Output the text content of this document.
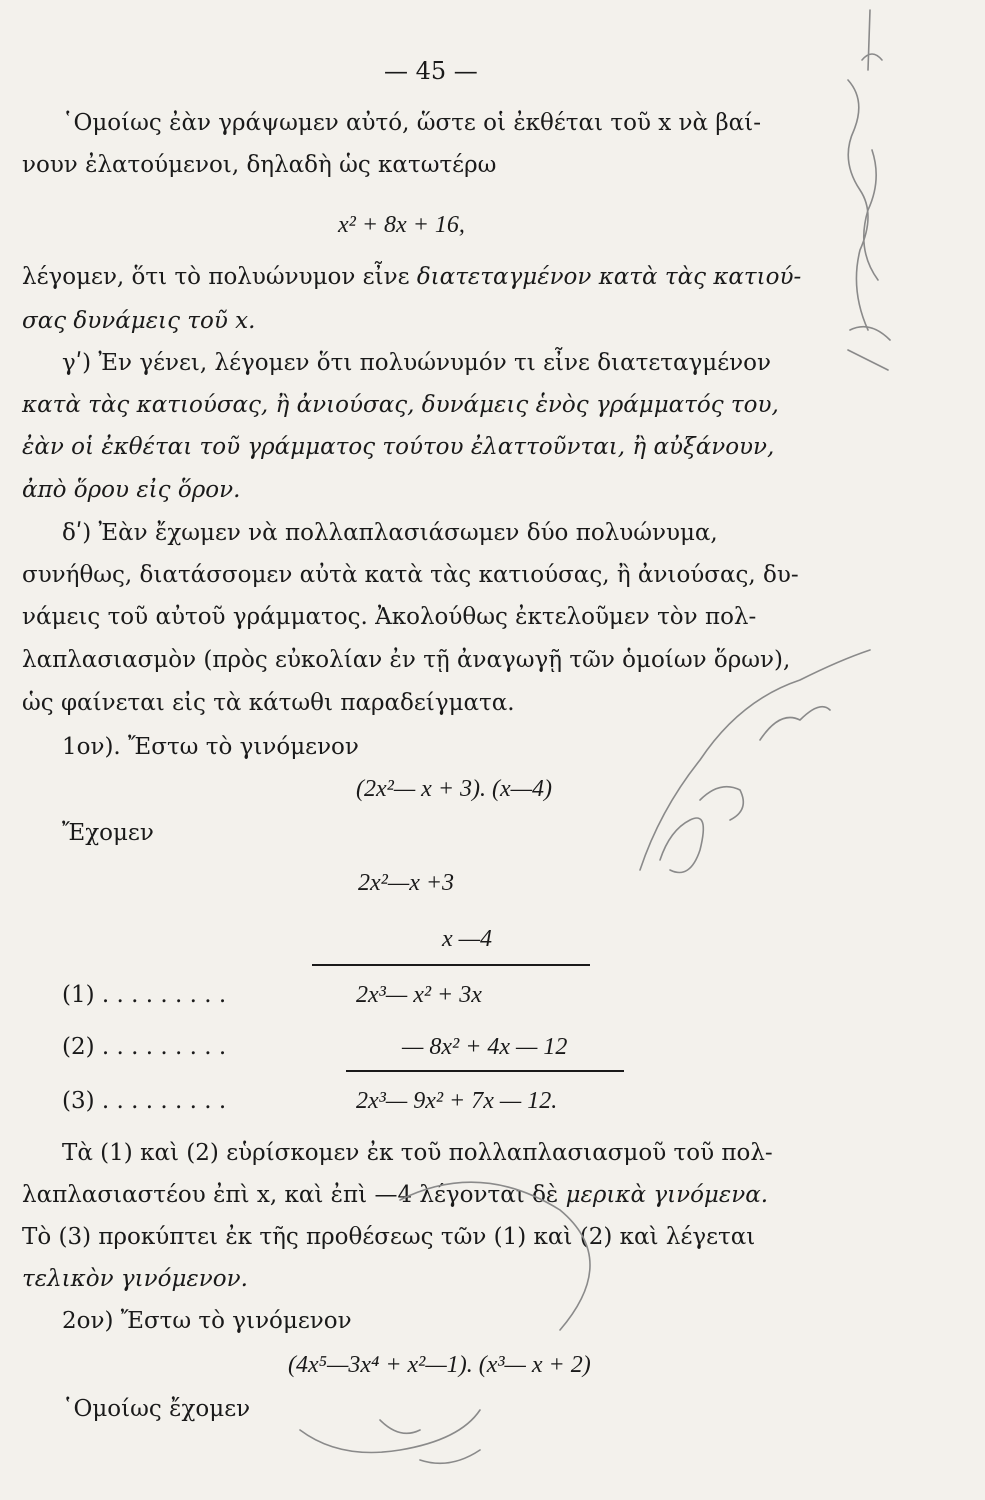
— 45 —
῾Ομοίως ἐὰν γράψωμεν αὐτό, ὥστε οἱ ἐκθέται τοῦ x νὰ βαί-
νουν ἐλατούμενοι, δηλαδὴ ὡς κατωτέρω
x² + 8x + 16,
λέγομεν, ὅτι τὸ πολυώνυμον εἶνε διατεταγμένον κατὰ τὰς κατιού-
σας δυνάμεις τοῦ x.
γʹ) Ἐν γένει, λέγομεν ὅτι πολυώνυμόν τι εἶνε διατεταγμένον
κατὰ τὰς κατιούσας, ἢ ἀνιούσας, δυνάμεις ἑνὸς γράμματός του,
ἐὰν οἱ ἐκθέται τοῦ γράμματος τούτου ἐλαττοῦνται, ἢ αὐξάνουν,
ἀπὸ ὅρου εἰς ὅρον.
δʹ) Ἐὰν ἔχωμεν νὰ πολλαπλασιάσωμεν δύο πολυώνυμα,
συνήθως, διατάσσομεν αὐτὰ κατὰ τὰς κατιούσας, ἢ ἀνιούσας, δυ-
νάμεις τοῦ αὐτοῦ γράμματος. Ἀκολούθως ἐκτελοῦμεν τὸν πολ-
λαπλασιασμὸν (πρὸς εὐκολίαν ἐν τῇ ἀναγωγῇ τῶν ὁμοίων ὅρων),
ὡς φαίνεται εἰς τὰ κάτωθι παραδείγματα.
1ον). Ἔστω τὸ γινόμενον
(2x²— x + 3). (x—4)
Ἔχομεν
2x²—x +3
x —4
(1) . . . . . . . . .	2x³— x² + 3x
(2) . . . . . . . . .	— 8x² + 4x — 12
(3) . . . . . . . . .	2x³— 9x² + 7x — 12.
Τὰ (1) καὶ (2) εὑρίσκομεν ἐκ τοῦ πολλαπλασιασμοῦ τοῦ πολ-
λαπλασιαστέου ἐπὶ x, καὶ ἐπὶ —4 λέγονται δὲ μερικὰ γινόμενα.
Τὸ (3) προκύπτει ἐκ τῆς προθέσεως τῶν (1) καὶ (2) καὶ λέγεται
τελικὸν γινόμενον.
2ον) Ἔστω τὸ γινόμενον
(4x⁵—3x⁴ + x²—1). (x³— x + 2)
῾Ομοίως ἔχομεν
